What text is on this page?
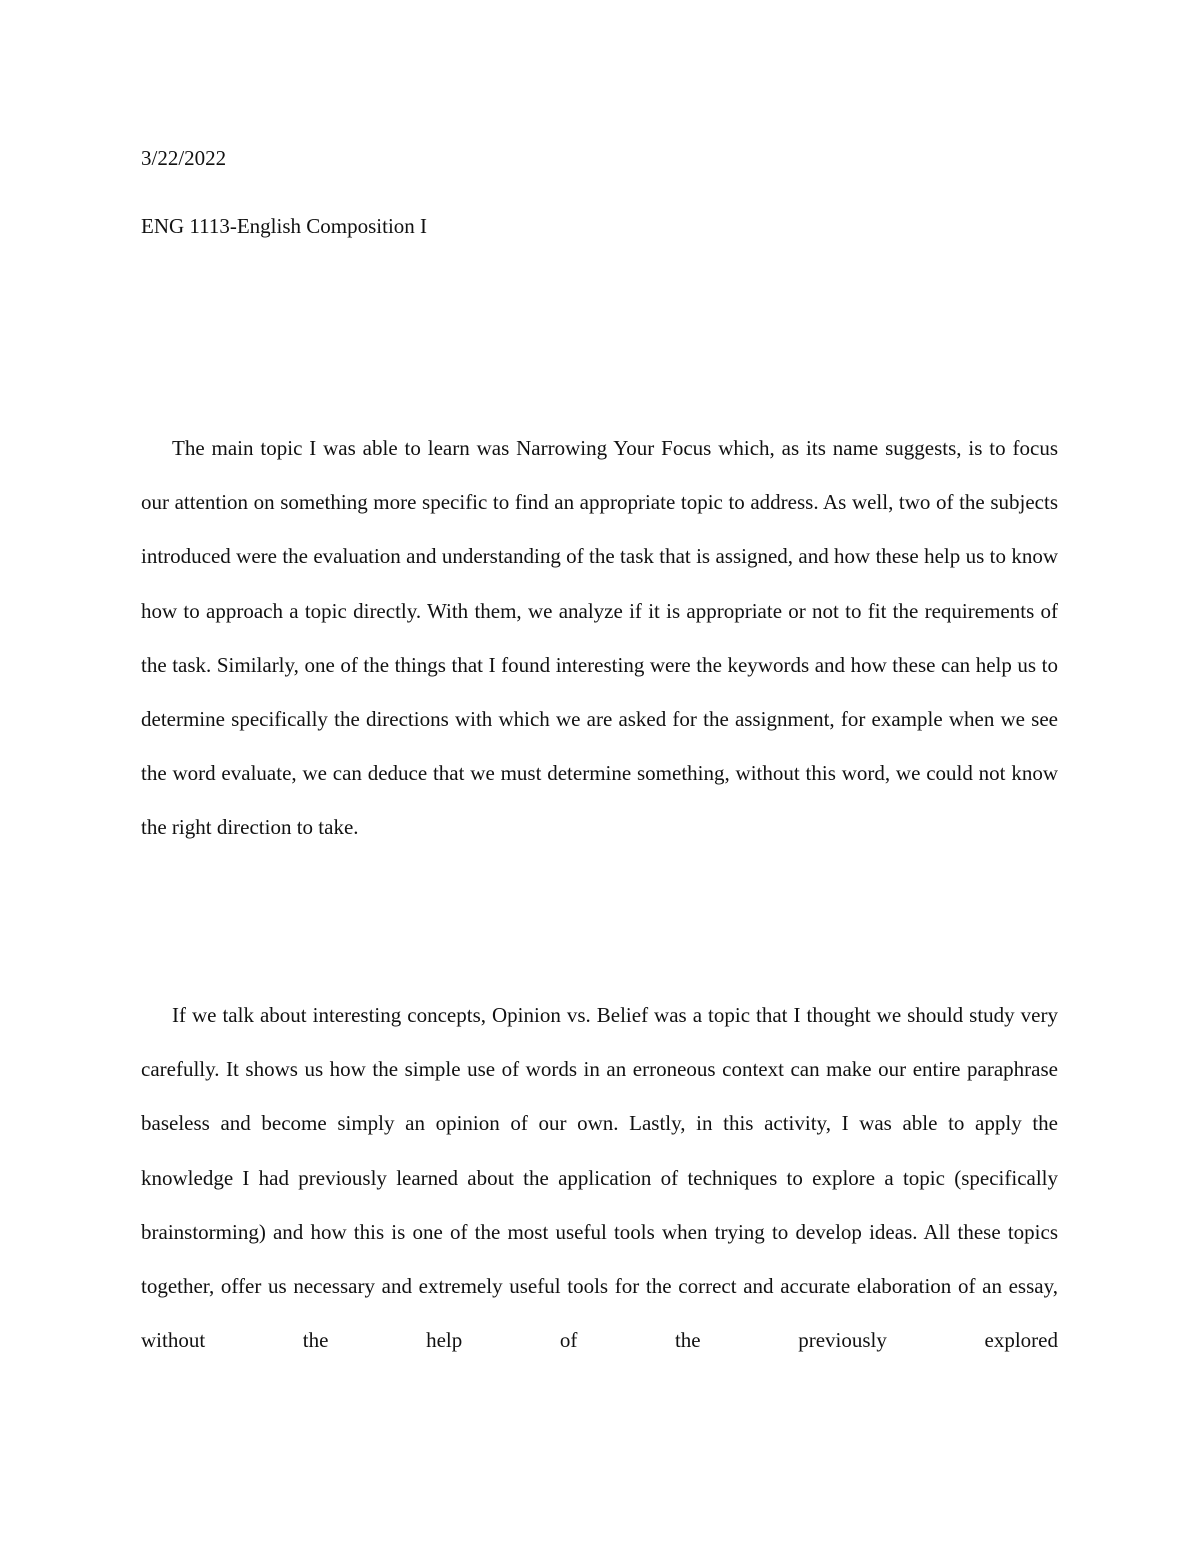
3/22/2022

ENG 1113-English Composition I

The main topic I was able to learn was Narrowing Your Focus which, as its name suggests, is to focus our attention on something more specific to find an appropriate topic to address. As well, two of the subjects introduced were the evaluation and understanding of the task that is assigned, and how these help us to know how to approach a topic directly. With them, we analyze if it is appropriate or not to fit the requirements of the task. Similarly, one of the things that I found interesting were the keywords and how these can help us to determine specifically the directions with which we are asked for the assignment, for example when we see the word evaluate, we can deduce that we must determine something, without this word, we could not know the right direction to take.

If we talk about interesting concepts, Opinion vs. Belief was a topic that I thought we should study very carefully. It shows us how the simple use of words in an erroneous context can make our entire paraphrase baseless and become simply an opinion of our own. Lastly, in this activity, I was able to apply the knowledge I had previously learned about the application of techniques to explore a topic (specifically brainstorming) and how this is one of the most useful tools when trying to develop ideas. All these topics together, offer us necessary and extremely useful tools for the correct and accurate elaboration of an essay, without the help of the previously explored
